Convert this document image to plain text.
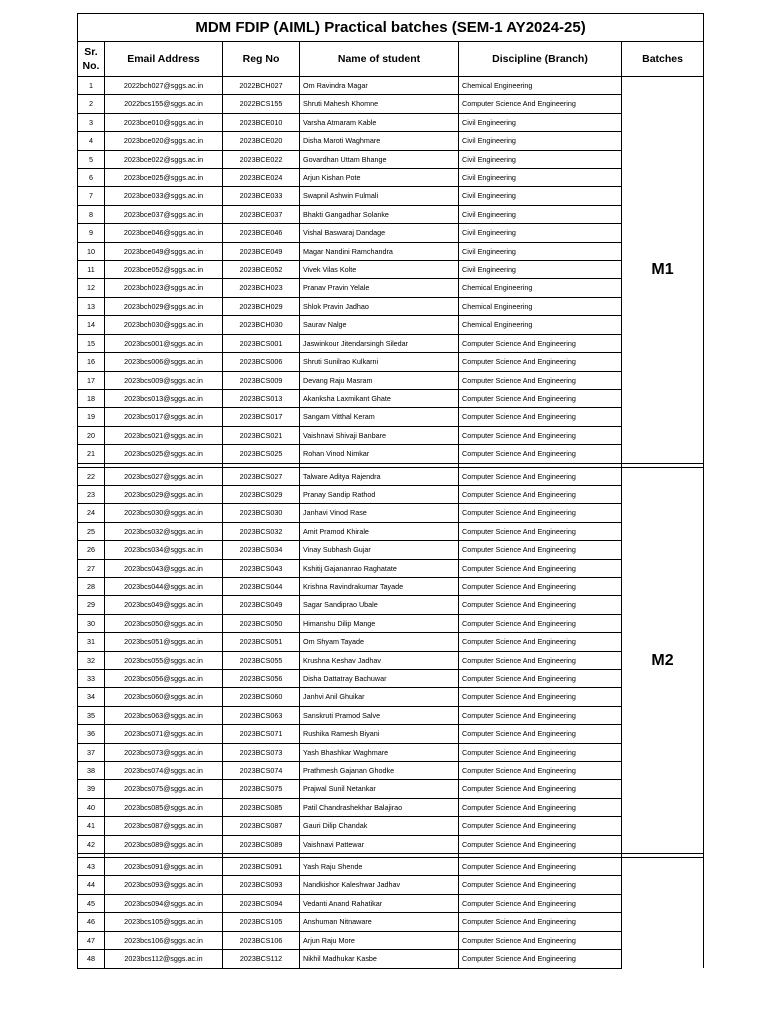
MDM FDIP (AIML) Practical batches (SEM-1 AY2024-25)					
Sr. No.	Email Address	Reg No	Name of student	Discipline (Branch)	Batches
1	2022bch027@sggs.ac.in	2022BCH027	Om Ravindra Magar	Chemical Engineering	M1
2	2022bcs155@sggs.ac.in	2022BCS155	Shruti Mahesh Khomne	Computer Science And Engineering	
3	2023bce010@sggs.ac.in	2023BCE010	Varsha Atmaram Kable	Civil Engineering	
4	2023bce020@sggs.ac.in	2023BCE020	Disha Maroti Waghmare	Civil Engineering	
5	2023bce022@sggs.ac.in	2023BCE022	Govardhan Uttam Bhange	Civil Engineering	
6	2023bce025@sggs.ac.in	2023BCE024	Arjun Kishan Pote	Civil Engineering	
7	2023bce033@sggs.ac.in	2023BCE033	Swapnil Ashwin Fulmali	Civil Engineering	
8	2023bce037@sggs.ac.in	2023BCE037	Bhakti Gangadhar Solanke	Civil Engineering	
9	2023bce046@sggs.ac.in	2023BCE046	Vishal Baswaraj Dandage	Civil Engineering	
10	2023bce049@sggs.ac.in	2023BCE049	Magar Nandini Ramchandra	Civil Engineering	
11	2023bce052@sggs.ac.in	2023BCE052	Vivek Vilas Kolte	Civil Engineering	
12	2023bch023@sggs.ac.in	2023BCH023	Pranav Pravin Yelale	Chemical Engineering	
13	2023bch029@sggs.ac.in	2023BCH029	Shlok Pravin Jadhao	Chemical Engineering	
14	2023bch030@sggs.ac.in	2023BCH030	Saurav Nalge	Chemical Engineering	
15	2023bcs001@sggs.ac.in	2023BCS001	Jaswinkour Jitendarsingh Siledar	Computer Science And Engineering	
16	2023bcs006@sggs.ac.in	2023BCS006	Shruti Sunilrao Kulkarni	Computer Science And Engineering	
17	2023bcs009@sggs.ac.in	2023BCS009	Devang Raju Masram	Computer Science And Engineering	
18	2023bcs013@sggs.ac.in	2023BCS013	Akanksha Laxmikant Ghate	Computer Science And Engineering	
19	2023bcs017@sggs.ac.in	2023BCS017	Sangam Vitthal Keram	Computer Science And Engineering	
20	2023bcs021@sggs.ac.in	2023BCS021	Vaishnavi Shivaji Banbare	Computer Science And Engineering	
21	2023bcs025@sggs.ac.in	2023BCS025	Rohan Vinod Nimkar	Computer Science And Engineering	

22	2023bcs027@sggs.ac.in	2023BCS027	Talware Aditya Rajendra	Computer Science And Engineering	M2
23	2023bcs029@sggs.ac.in	2023BCS029	Pranay Sandip Rathod	Computer Science And Engineering	
24	2023bcs030@sggs.ac.in	2023BCS030	Janhavi Vinod Rase	Computer Science And Engineering	
25	2023bcs032@sggs.ac.in	2023BCS032	Amit Pramod Khirale	Computer Science And Engineering	
26	2023bcs034@sggs.ac.in	2023BCS034	Vinay Subhash Gujar	Computer Science And Engineering	
27	2023bcs043@sggs.ac.in	2023BCS043	Kshitij Gajananrao Raghatate	Computer Science And Engineering	
28	2023bcs044@sggs.ac.in	2023BCS044	Krishna Ravindrakumar Tayade	Computer Science And Engineering	
29	2023bcs049@sggs.ac.in	2023BCS049	Sagar Sandiprao Ubale	Computer Science And Engineering	
30	2023bcs050@sggs.ac.in	2023BCS050	Himanshu Dilip Mange	Computer Science And Engineering	
31	2023bcs051@sggs.ac.in	2023BCS051	Om Shyam Tayade	Computer Science And Engineering	
32	2023bcs055@sggs.ac.in	2023BCS055	Krushna Keshav Jadhav	Computer Science And Engineering	
33	2023bcs056@sggs.ac.in	2023BCS056	Disha Dattatray Bachuwar	Computer Science And Engineering	
34	2023bcs060@sggs.ac.in	2023BCS060	Janhvi Anil Ghuikar	Computer Science And Engineering	
35	2023bcs063@sggs.ac.in	2023BCS063	Sanskruti Pramod Salve	Computer Science And Engineering	
36	2023bcs071@sggs.ac.in	2023BCS071	Rushika Ramesh Biyani	Computer Science And Engineering	
37	2023bcs073@sggs.ac.in	2023BCS073	Yash Bhashkar Waghmare	Computer Science And Engineering	
38	2023bcs074@sggs.ac.in	2023BCS074	Prathmesh Gajanan Ghodke	Computer Science And Engineering	
39	2023bcs075@sggs.ac.in	2023BCS075	Prajwal Sunil Netankar	Computer Science And Engineering	
40	2023bcs085@sggs.ac.in	2023BCS085	Patil Chandrashekhar Balajirao	Computer Science And Engineering	
41	2023bcs087@sggs.ac.in	2023BCS087	Gauri Dilip Chandak	Computer Science And Engineering	
42	2023bcs089@sggs.ac.in	2023BCS089	Vaishnavi Pattewar	Computer Science And Engineering	

43	2023bcs091@sggs.ac.in	2023BCS091	Yash Raju Shende	Computer Science And Engineering	
44	2023bcs093@sggs.ac.in	2023BCS093	Nandkishor Kaleshwar Jadhav	Computer Science And Engineering	
45	2023bcs094@sggs.ac.in	2023BCS094	Vedanti Anand Rahatikar	Computer Science And Engineering	
46	2023bcs105@sggs.ac.in	2023BCS105	Anshuman Nitnaware	Computer Science And Engineering	
47	2023bcs106@sggs.ac.in	2023BCS106	Arjun Raju More	Computer Science And Engineering	
48	2023bcs112@sggs.ac.in	2023BCS112	Nikhil Madhukar Kasbe	Computer Science And Engineering	
